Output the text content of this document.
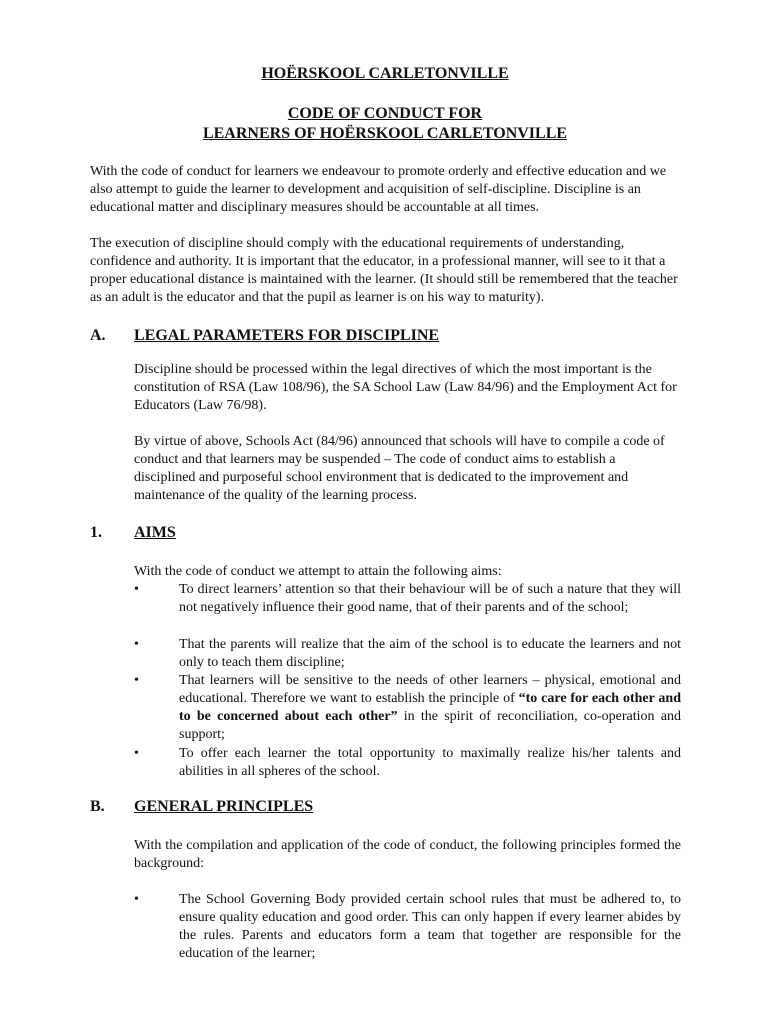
HOËRSKOOL CARLETONVILLE
CODE OF CONDUCT FOR
LEARNERS OF HOËRSKOOL CARLETONVILLE

With the code of conduct for learners we endeavour to promote orderly and effective education and we also attempt to guide the learner to development and acquisition of self-discipline. Discipline is an educational matter and disciplinary measures should be accountable at all times.

The execution of discipline should comply with the educational requirements of understanding, confidence and authority. It is important that the educator, in a professional manner, will see to it that a proper educational distance is maintained with the learner. (It should still be remembered that the teacher as an adult is the educator and that the pupil as learner is on his way to maturity).

A. LEGAL PARAMETERS FOR DISCIPLINE

Discipline should be processed within the legal directives of which the most important is the constitution of RSA (Law 108/96), the SA School Law (Law 84/96) and the Employment Act for Educators (Law 76/98).

By virtue of above, Schools Act (84/96) announced that schools will have to compile a code of conduct and that learners may be suspended – The code of conduct aims to establish a disciplined and purposeful school environment that is dedicated to the improvement and maintenance of the quality of the learning process.

1. AIMS

With the code of conduct we attempt to attain the following aims:

•	To direct learners’ attention so that their behaviour will be of such a nature that they will not negatively influence their good name, that of their parents and of the school;

•	That the parents will realize that the aim of the school is to educate the learners and not only to teach them discipline;

•	That learners will be sensitive to the needs of other learners – physical, emotional and educational. Therefore we want to establish the principle of “to care for each other and to be concerned about each other” in the spirit of reconciliation, co-operation and support;

•	To offer each learner the total opportunity to maximally realize his/her talents and abilities in all spheres of the school.

B. GENERAL PRINCIPLES

With the compilation and application of the code of conduct, the following principles formed the background:

•	The School Governing Body provided certain school rules that must be adhered to, to ensure quality education and good order. This can only happen if every learner abides by the rules. Parents and educators form a team that together are responsible for the education of the learner;
